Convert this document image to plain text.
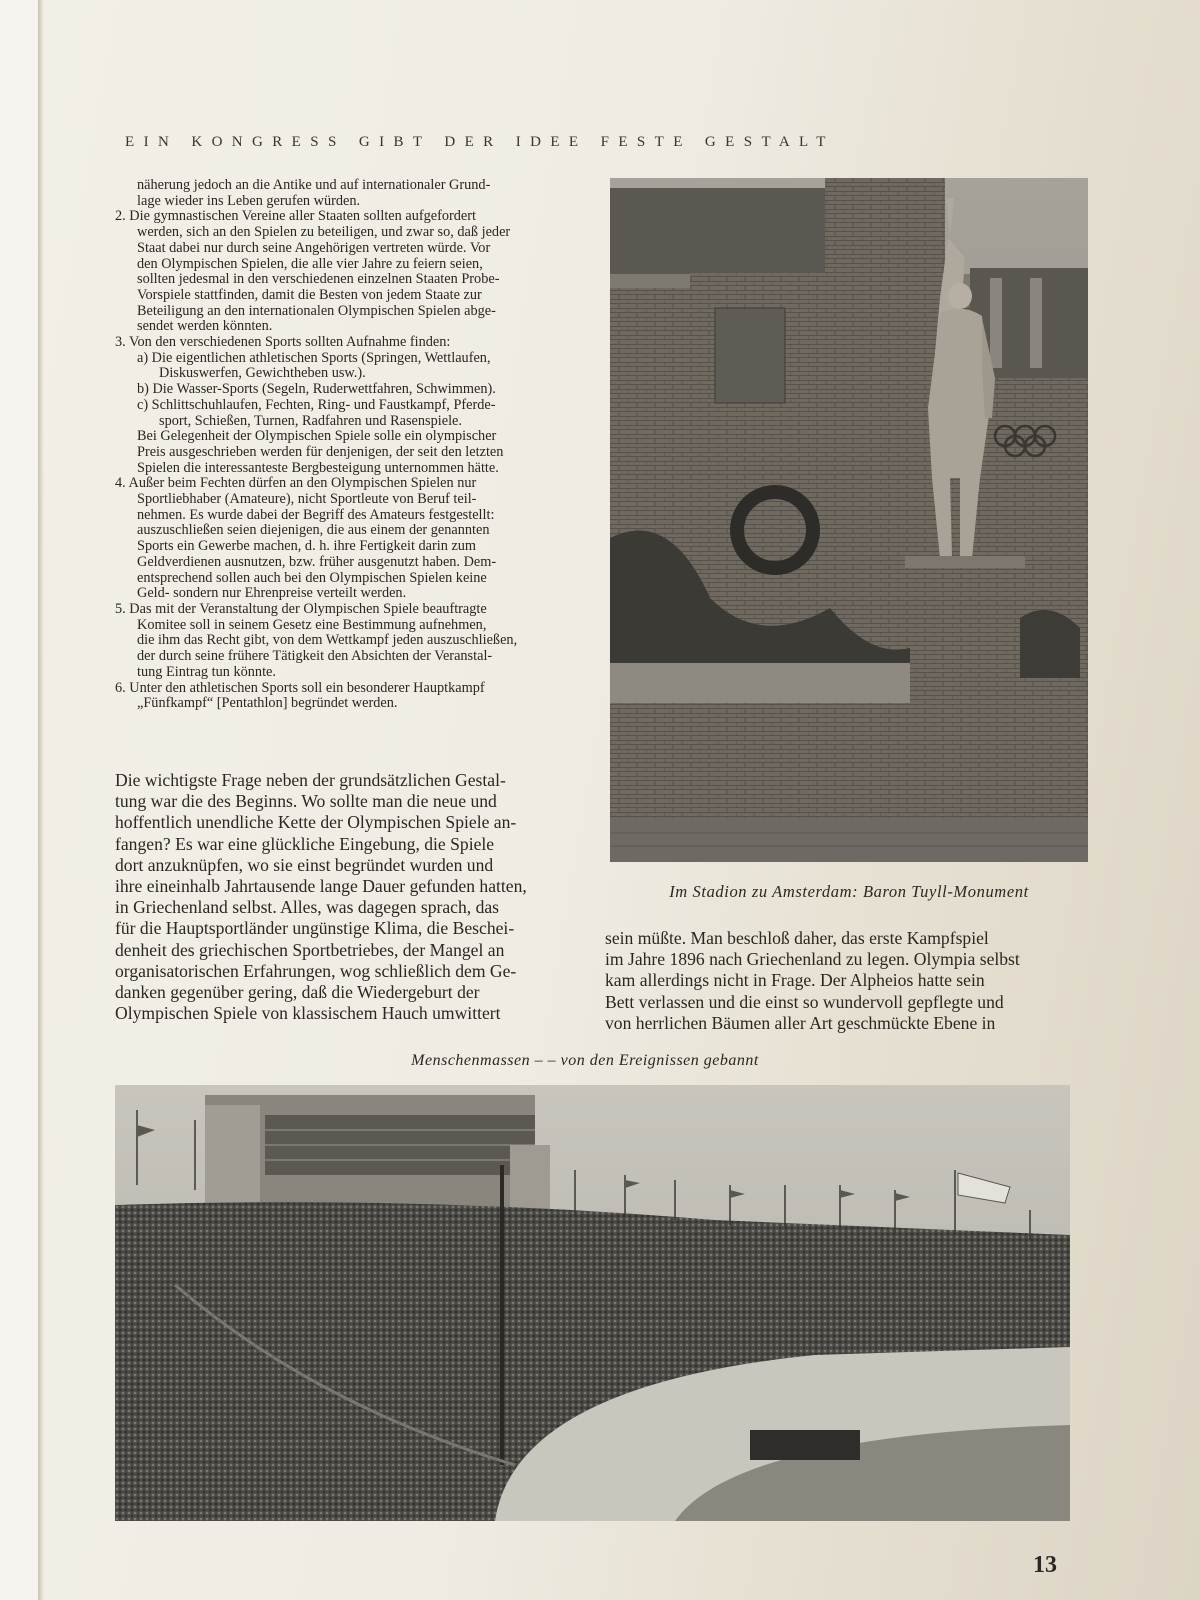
EIN KONGRESS GIBT DER IDEE FESTE GESTALT

näherung jedoch an die Antike und auf internationaler Grund-

lage wieder ins Leben gerufen würden.

2. Die gymnastischen Vereine aller Staaten sollten aufgefordert

werden, sich an den Spielen zu beteiligen, und zwar so, daß jeder

Staat dabei nur durch seine Angehörigen vertreten würde. Vor

den Olympischen Spielen, die alle vier Jahre zu feiern seien,

sollten jedesmal in den verschiedenen einzelnen Staaten Probe-

Vorspiele stattfinden, damit die Besten von jedem Staate zur

Beteiligung an den internationalen Olympischen Spielen abge-

sendet werden könnten.

3. Von den verschiedenen Sports sollten Aufnahme finden:

a) Die eigentlichen athletischen Sports (Springen, Wettlaufen,

Diskuswerfen, Gewichtheben usw.).

b) Die Wasser-Sports (Segeln, Ruderwettfahren, Schwimmen).

c) Schlittschuhlaufen, Fechten, Ring- und Faustkampf, Pferde-

sport, Schießen, Turnen, Radfahren und Rasenspiele.

Bei Gelegenheit der Olympischen Spiele solle ein olympischer

Preis ausgeschrieben werden für denjenigen, der seit den letzten

Spielen die interessanteste Bergbesteigung unternommen hätte.

4. Außer beim Fechten dürfen an den Olympischen Spielen nur

Sportliebhaber (Amateure), nicht Sportleute von Beruf teil-

nehmen. Es wurde dabei der Begriff des Amateurs festgestellt:

auszuschließen seien diejenigen, die aus einem der genannten

Sports ein Gewerbe machen, d. h. ihre Fertigkeit darin zum

Geldverdienen ausnutzen, bzw. früher ausgenutzt haben. Dem-

entsprechend sollen auch bei den Olympischen Spielen keine

Geld- sondern nur Ehrenpreise verteilt werden.

5. Das mit der Veranstaltung der Olympischen Spiele beauftragte

Komitee soll in seinem Gesetz eine Bestimmung aufnehmen,

die ihm das Recht gibt, von dem Wettkampf jeden auszuschließen,

der durch seine frühere Tätigkeit den Absichten der Veranstal-

tung Eintrag tun könnte.

6. Unter den athletischen Sports soll ein besonderer Hauptkampf

„Fünfkampf“ [Pentathlon] begründet werden.

Die wichtigste Frage neben der grundsätzlichen Gestal-
tung war die des Beginns. Wo sollte man die neue und
hoffentlich unendliche Kette der Olympischen Spiele an-
fangen? Es war eine glückliche Eingebung, die Spiele
dort anzuknüpfen, wo sie einst begründet wurden und
ihre eineinhalb Jahrtausende lange Dauer gefunden hatten,
in Griechenland selbst. Alles, was dagegen sprach, das
für die Hauptsportländer ungünstige Klima, die Beschei-
denheit des griechischen Sportbetriebes, der Mangel an
organisatorischen Erfahrungen, wog schließlich dem Ge-
danken gegenüber gering, daß die Wiedergeburt der
Olympischen Spiele von klassischem Hauch umwittert
Im Stadion zu Amsterdam: Baron Tuyll-Monument
sein müßte. Man beschloß daher, das erste Kampfspiel
im Jahre 1896 nach Griechenland zu legen. Olympia selbst
kam allerdings nicht in Frage. Der Alpheios hatte sein
Bett verlassen und die einst so wundervoll gepflegte und
von herrlichen Bäumen aller Art geschmückte Ebene in
Menschenmassen – – von den Ereignissen gebannt
13
